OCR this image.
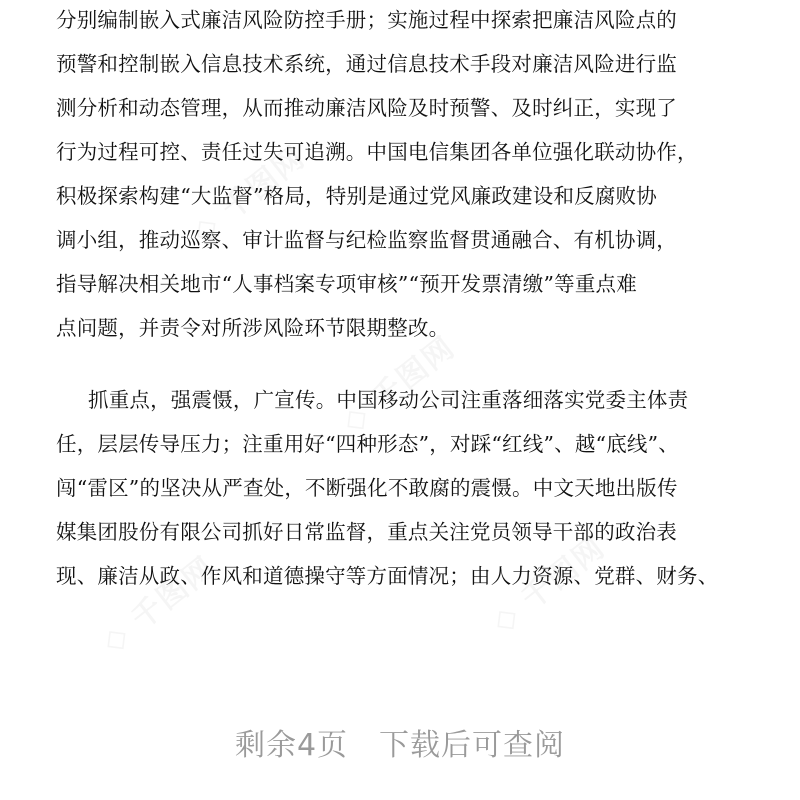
◇ 千图网
◇ 千图网
◇ 千图网
◇ 千图网
分别编制嵌入式廉洁风险防控手册；实施过程中探索把廉洁风险点的
预警和控制嵌入信息技术系统，通过信息技术手段对廉洁风险进行监
测分析和动态管理，从而推动廉洁风险及时预警、及时纠正，实现了
行为过程可控、责任过失可追溯。中国电信集团各单位强化联动协作，
积极探索构建“大监督”格局，特别是通过党风廉政建设和反腐败协
调小组，推动巡察、审计监督与纪检监察监督贯通融合、有机协调，
指导解决相关地市“人事档案专项审核”“预开发票清缴”等重点难
点问题，并责令对所涉风险环节限期整改。
抓重点，强震慑，广宣传。中国移动公司注重落细落实党委主体责
任，层层传导压力；注重用好“四种形态”，对踩“红线”、越“底线”、
闯“雷区”的坚决从严查处，不断强化不敢腐的震慑。中文天地出版传
媒集团股份有限公司抓好日常监督，重点关注党员领导干部的政治表
现、廉洁从政、作风和道德操守等方面情况；由人力资源、党群、财务、
剩余4页　下载后可查阅
